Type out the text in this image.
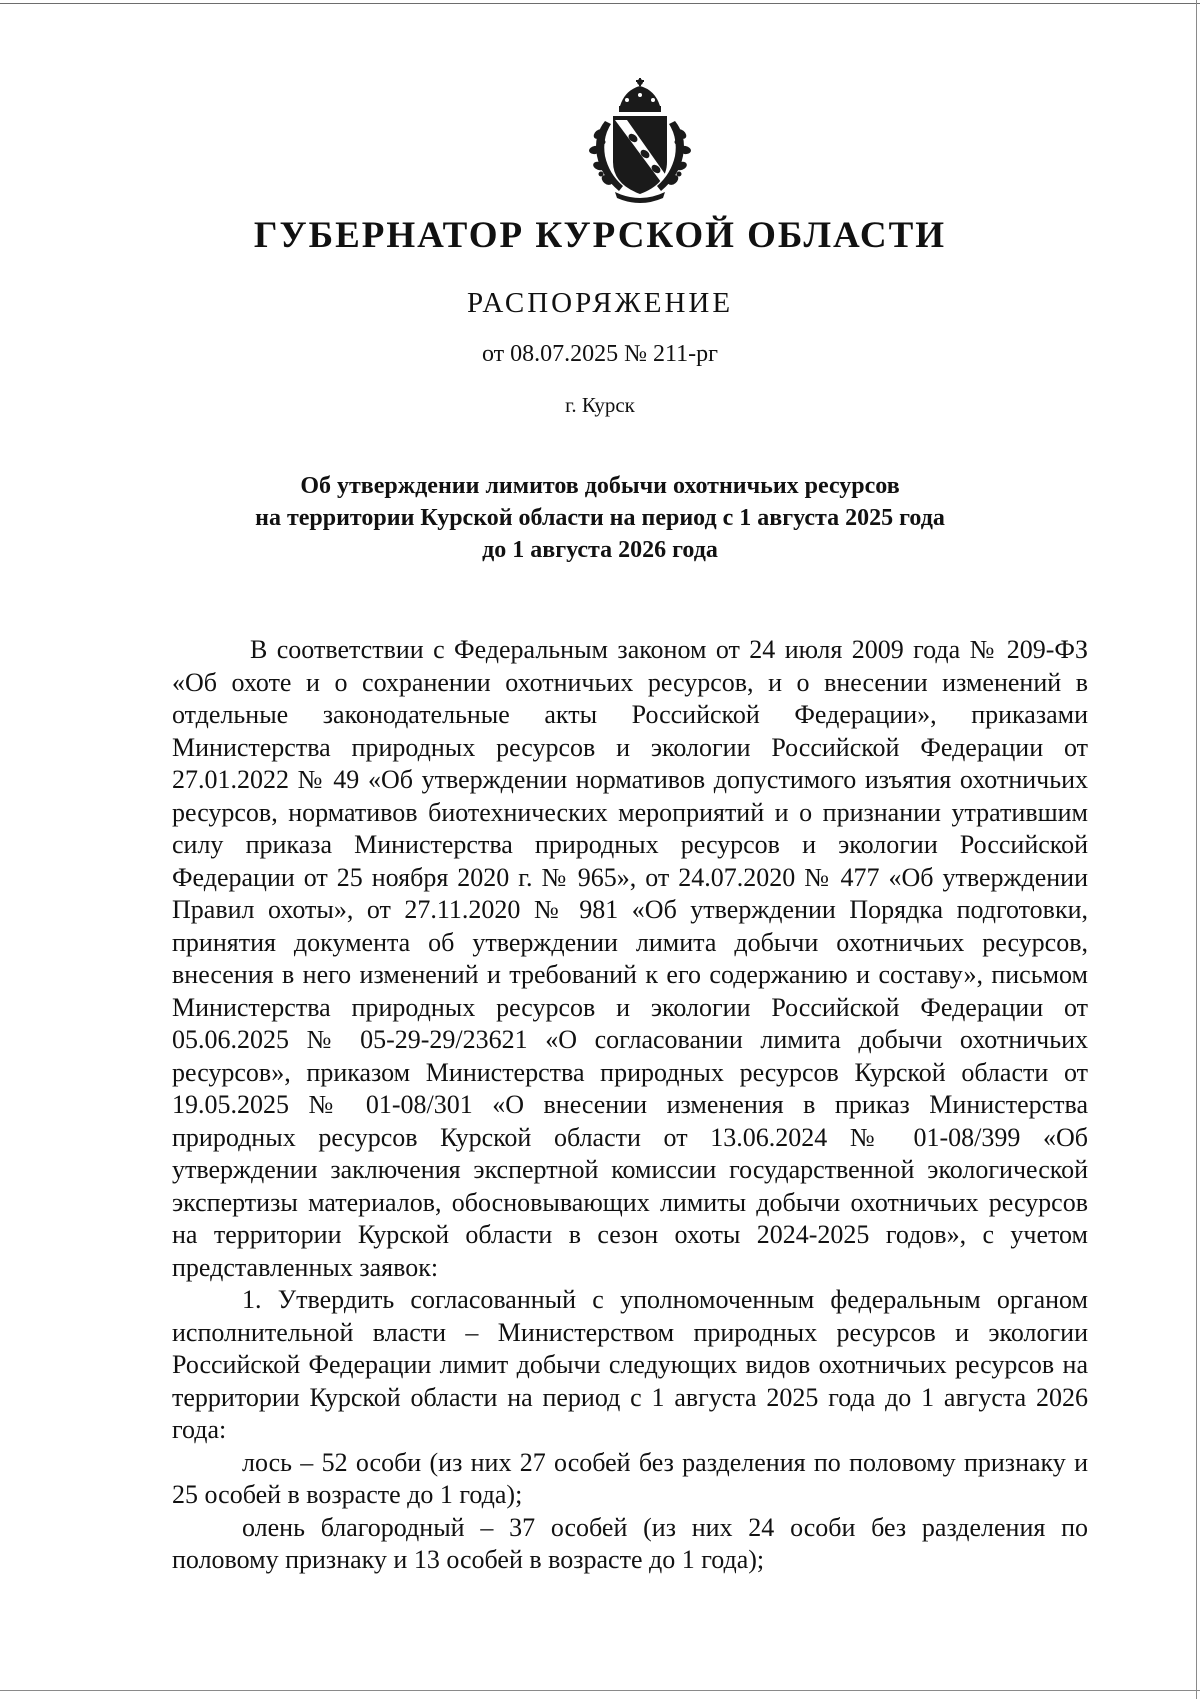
ГУБЕРНАТОР КУРСКОЙ ОБЛАСТИ
РАСПОРЯЖЕНИЕ
от 08.07.2025 № 211-рг
г. Курск
Об утверждении лимитов добычи охотничьих ресурсов
на территории Курской области на период с 1 августа 2025 года
до 1 августа 2026 года

В соответствии с Федеральным законом от 24 июля 2009 года № 209-ФЗ «Об охоте и о сохранении охотничьих ресурсов, и о внесении изменений в отдельные законодательные акты Российской Федерации», приказами Министерства природных ресурсов и экологии Российской Федерации от 27.01.2022 № 49 «Об утверждении нормативов допустимого изъятия охотничьих ресурсов, нормативов биотехнических мероприятий и о признании утратившим силу приказа Министерства природных ресурсов и экологии Российской Федерации от 25 ноября 2020 г. № 965», от 24.07.2020 № 477 «Об утверждении Правил охоты», от 27.11.2020 № 981 «Об утверждении Порядка подготовки, принятия документа об утверждении лимита добычи охотничьих ресурсов, внесения в него изменений и требований к его содержанию и составу», письмом Министерства природных ресурсов и экологии Российской Федерации от 05.06.2025 № 05-29-29/23621 «О согласовании лимита добычи охотничьих ресурсов», приказом Министерства природных ресурсов Курской области от 19.05.2025 № 01-08/301 «О внесении изменения в приказ Министерства природных ресурсов Курской области от 13.06.2024 № 01-08/399 «Об утверждении заключения экспертной комиссии государственной экологической экспертизы материалов, обосновывающих лимиты добычи охотничьих ресурсов на территории Курской области в сезон охоты 2024-2025 годов», с учетом представленных заявок:

1. Утвердить согласованный с уполномоченным федеральным органом исполнительной власти – Министерством природных ресурсов и экологии Российской Федерации лимит добычи следующих видов охотничьих ресурсов на территории Курской области на период с 1 августа 2025 года до 1 августа 2026 года:

лось – 52 особи (из них 27 особей без разделения по половому признаку и 25 особей в возрасте до 1 года);

олень благородный – 37 особей (из них 24 особи без разделения по половому признаку и 13 особей в возрасте до 1 года);
